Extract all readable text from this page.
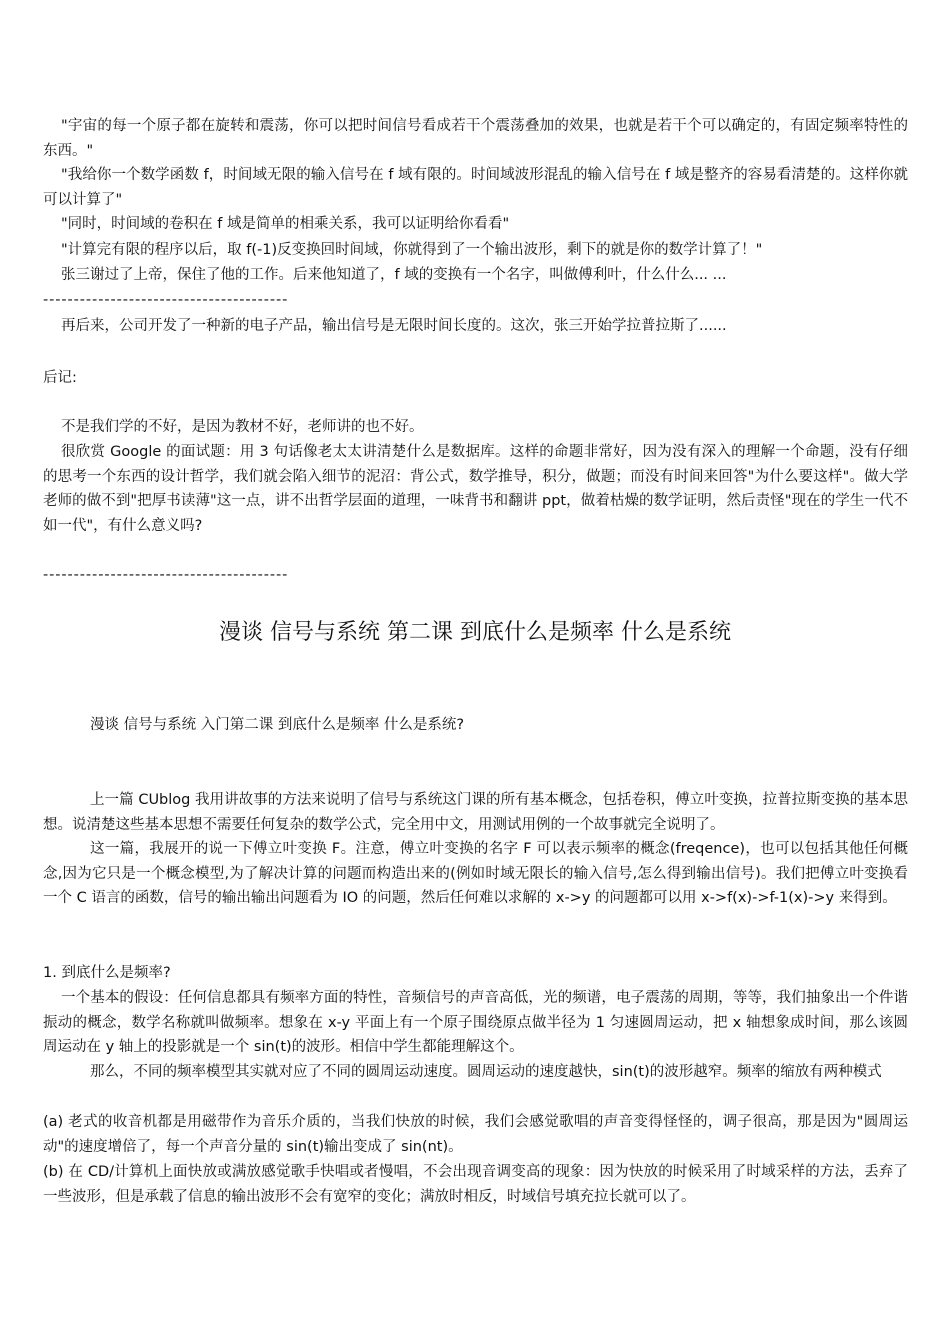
"宇宙的每一个原子都在旋转和震荡，你可以把时间信号看成若干个震荡叠加的效果，也就是若干个可以确定的，有固定频率特性的东西。"
"我给你一个数学函数 f，时间域无限的输入信号在 f 域有限的。时间域波形混乱的输入信号在 f 域是整齐的容易看清楚的。这样你就可以计算了"
"同时，时间域的卷积在 f 域是简单的相乘关系，我可以证明给你看看"
"计算完有限的程序以后，取 f(-1)反变换回时间域，你就得到了一个输出波形，剩下的就是你的数学计算了！"
张三谢过了上帝，保住了他的工作。后来他知道了，f 域的变换有一个名字，叫做傅利叶，什么什么... ...
----------------------------------------
再后来，公司开发了一种新的电子产品，输出信号是无限时间长度的。这次，张三开始学拉普拉斯了......
后记:
不是我们学的不好，是因为教材不好，老师讲的也不好。
很欣赏 Google 的面试题：用 3 句话像老太太讲清楚什么是数据库。这样的命题非常好，因为没有深入的理解一个命题，没有仔细的思考一个东西的设计哲学，我们就会陷入细节的泥沼：背公式，数学推导，积分，做题；而没有时间来回答"为什么要这样"。做大学老师的做不到"把厚书读薄"这一点，讲不出哲学层面的道理，一味背书和翻讲 ppt，做着枯燥的数学证明，然后责怪"现在的学生一代不如一代"，有什么意义吗?
----------------------------------------
漫谈 信号与系统 第二课 到底什么是频率 什么是系统
漫谈 信号与系统 入门第二课 到底什么是频率 什么是系统?
上一篇 CUblog 我用讲故事的方法来说明了信号与系统这门课的所有基本概念，包括卷积，傅立叶变换，拉普拉斯变换的基本思想。说清楚这些基本思想不需要任何复杂的数学公式，完全用中文，用测试用例的一个故事就完全说明了。
这一篇，我展开的说一下傅立叶变换 F。注意，傅立叶变换的名字 F 可以表示频率的概念(freqence)，也可以包括其他任何概念,因为它只是一个概念模型,为了解决计算的问题而构造出来的(例如时域无限长的输入信号,怎么得到输出信号)。我们把傅立叶变换看一个 C 语言的函数，信号的输出输出问题看为 IO 的问题，然后任何难以求解的 x->y 的问题都可以用 x->f(x)->f-1(x)->y 来得到。
1. 到底什么是频率?
一个基本的假设：任何信息都具有频率方面的特性，音频信号的声音高低，光的频谱，电子震荡的周期，等等，我们抽象出一个件谐振动的概念，数学名称就叫做频率。想象在 x-y 平面上有一个原子围绕原点做半径为 1 匀速圆周运动，把 x 轴想象成时间，那么该圆周运动在 y 轴上的投影就是一个 sin(t)的波形。相信中学生都能理解这个。
那么，不同的频率模型其实就对应了不同的圆周运动速度。圆周运动的速度越快，sin(t)的波形越窄。频率的缩放有两种模式
(a) 老式的收音机都是用磁带作为音乐介质的，当我们快放的时候，我们会感觉歌唱的声音变得怪怪的，调子很高，那是因为"圆周运动"的速度增倍了，每一个声音分量的 sin(t)输出变成了 sin(nt)。
(b) 在 CD/计算机上面快放或满放感觉歌手快唱或者慢唱，不会出现音调变高的现象：因为快放的时候采用了时域采样的方法，丢弃了一些波形，但是承载了信息的输出波形不会有宽窄的变化；满放时相反，时域信号填充拉长就可以了。
